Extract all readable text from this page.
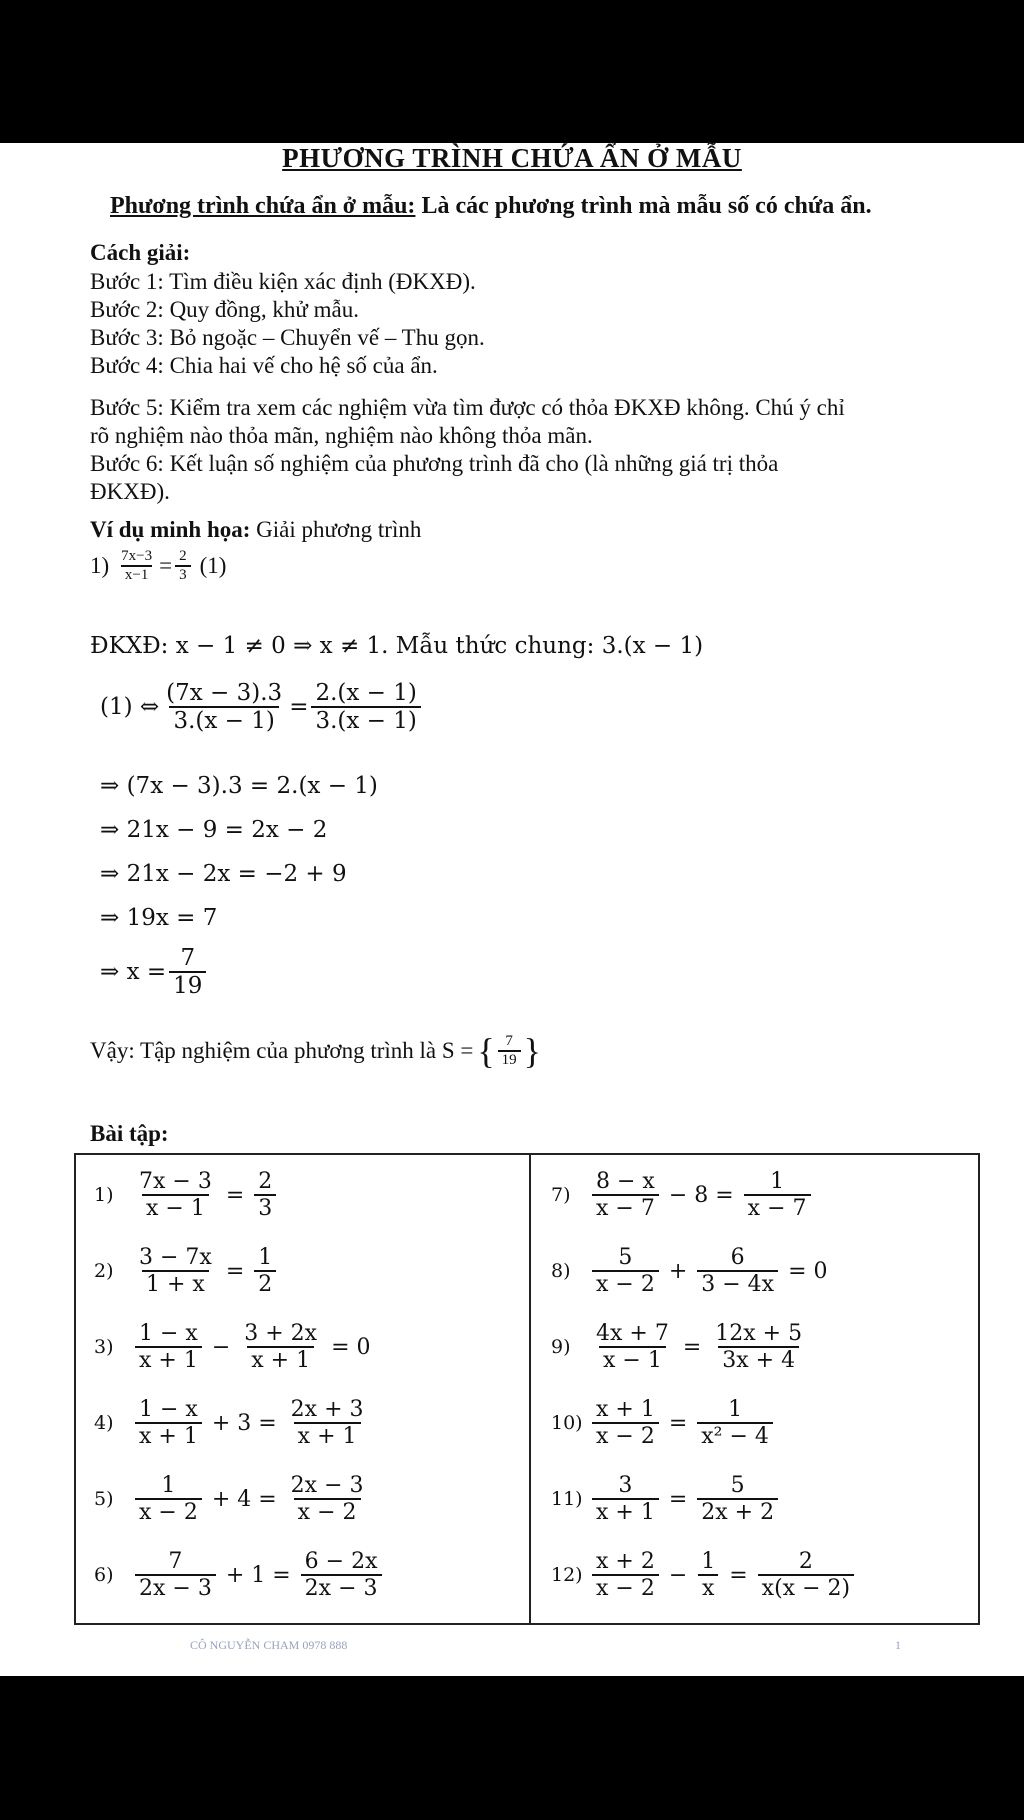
PHƯƠNG TRÌNH CHỨA ẨN Ở MẪU
Phương trình chứa ẩn ở mẫu: Là các phương trình mà mẫu số có chứa ẩn.
Cách giải:
Bước 1: Tìm điều kiện xác định (ĐKXĐ).
Bước 2: Quy đồng, khử mẫu.
Bước 3: Bỏ ngoặc – Chuyển vế – Thu gọn.
Bước 4: Chia hai vế cho hệ số của ẩn.
Bước 5: Kiểm tra xem các nghiệm vừa tìm được có thỏa ĐKXĐ không. Chú ý chỉ
rõ nghiệm nào thỏa mãn, nghiệm nào không thỏa mãn.
Bước 6: Kết luận số nghiệm của phương trình đã cho (là những giá trị thỏa
ĐKXĐ).
Ví dụ minh họa: Giải phương trình
$1) \frac{7x-3}{x-1} = \frac{2}{3} (1)$
ĐKXĐ: x − 1 ≠ 0 ⇒ x ≠ 1. Mẫu thức chung: 3.(x − 1)
(1) ⇔ $\frac{(7x - 3).3}{3.(x - 1)} = \frac{2.(x - 1)}{3.(x - 1)}$
⇒ (7x − 3).3 = 2.(x − 1)
⇒ 21x − 9 = 2x − 2
⇒ 21x − 2x = −2 + 9
⇒ 19x = 7
⇒ $x = \frac{7}{19}$
Vậy: Tập nghiệm của phương trình là S = { $\frac{7}{19}$ }
Bài tập:
$1) \frac{7x - 3}{x - 1} = \frac{2}{3}$
$2) \frac{3 - 7x}{1 + x} = \frac{1}{2}$
$3) \frac{1 - x}{x + 1} - \frac{3 + 2x}{x + 1} = 0$
$4) \frac{1 - x}{x + 1} + 3 = \frac{2x + 3}{x + 1}$
$5) \frac{1}{x - 2} + 4 = \frac{2x - 3}{x - 2}$
$6) \frac{7}{2x - 3} + 1 = \frac{6 - 2x}{2x - 3}$
$7) \frac{8 - x}{x - 7} - 8 = \frac{1}{x - 7}$
$8) \frac{5}{x - 2} + \frac{6}{3 - 4x} = 0$
$9) \frac{4x + 7}{x - 1} = \frac{12x + 5}{3x + 4}$
$10) \frac{x + 1}{x - 2} = \frac{1}{\text{x² − 4}}$
$11) \frac{3}{x + 1} = \frac{5}{2x + 2}$
$12) \frac{x + 2}{x - 2} - \frac{1}{x} = \frac{2}{x(x - 2)}$
CÔ NGUYỄN CHAM 0978 888	1
